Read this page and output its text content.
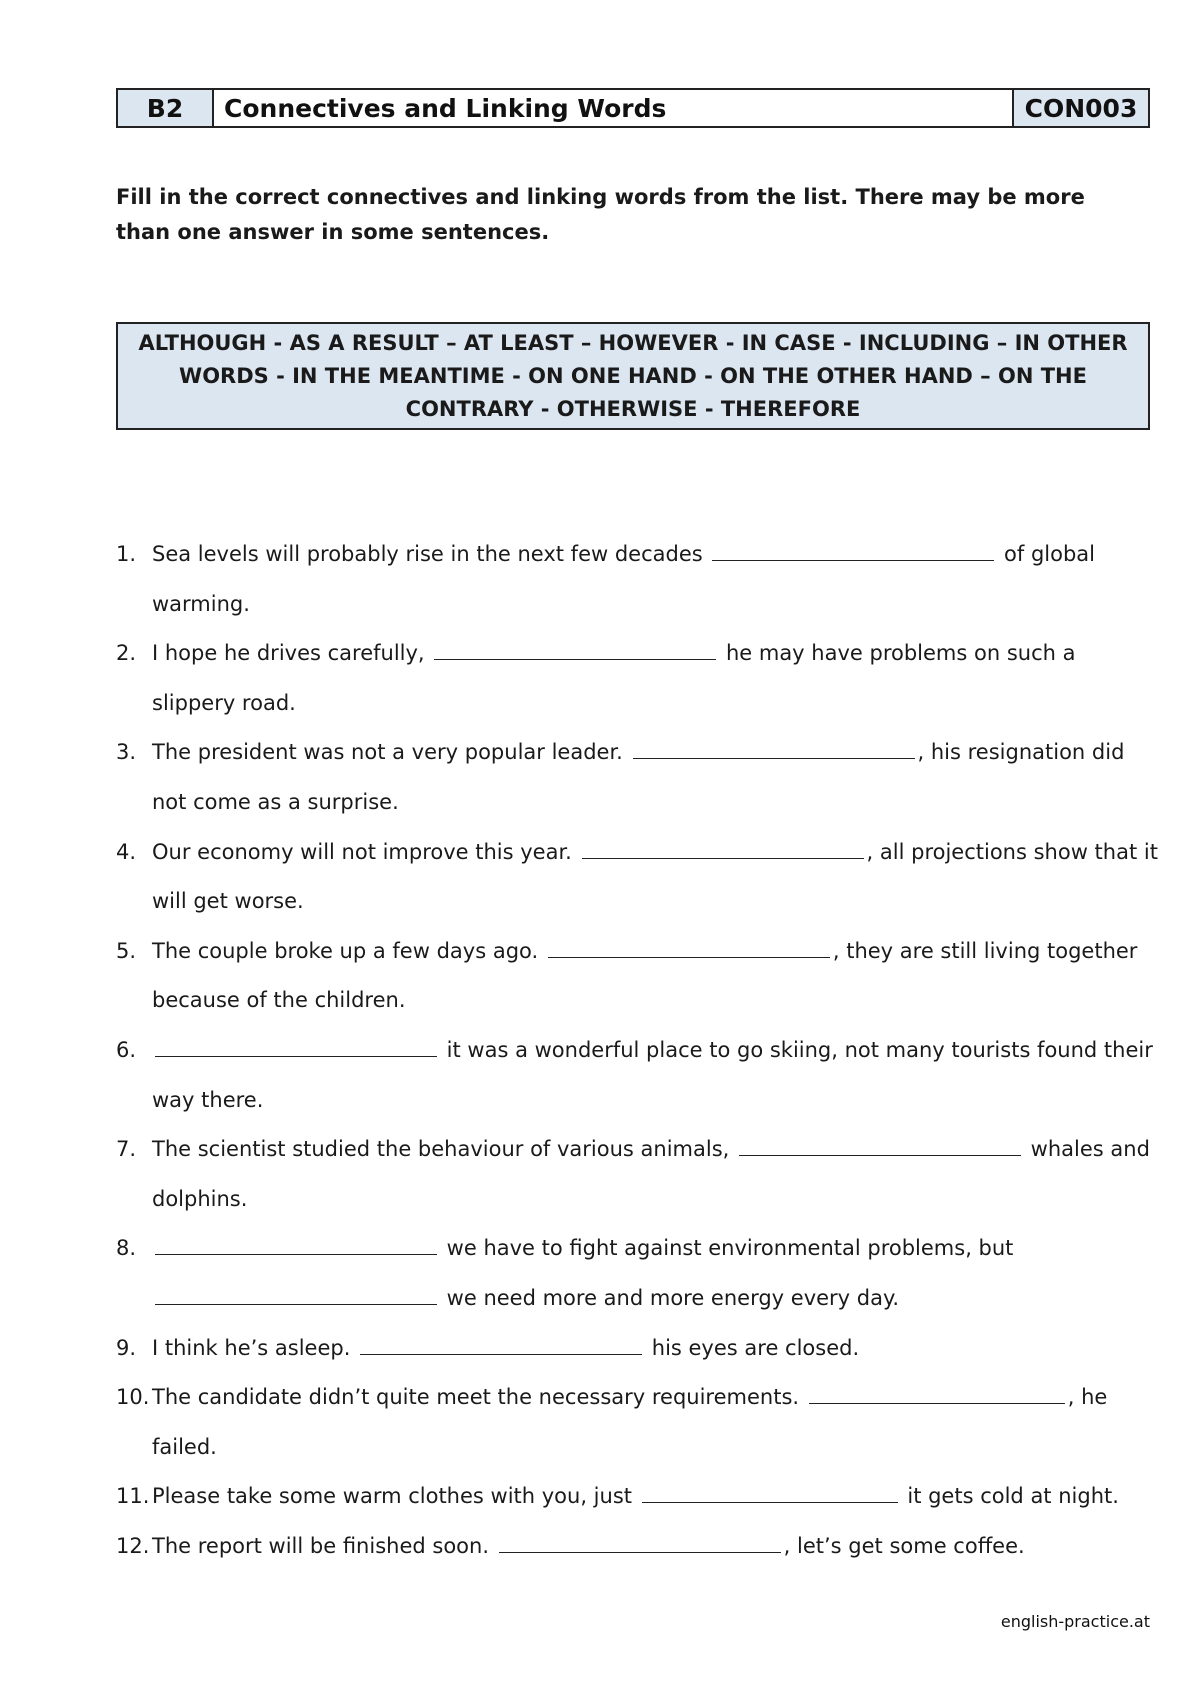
B2	Connectives and Linking Words	CON003
Fill in the correct connectives and linking words from the list. There may be more than one answer in some sentences.
ALTHOUGH - AS A RESULT – AT LEAST – HOWEVER - IN CASE - INCLUDING – IN OTHER WORDS - IN THE MEANTIME - ON ONE HAND - ON THE OTHER HAND – ON THE CONTRARY - OTHERWISE - THEREFORE
1. Sea levels will probably rise in the next few decades	of global warming.
2. I hope he drives carefully,	he may have problems on such a slippery road.
3. The president was not a very popular leader.	, his resignation did not come as a surprise.
4. Our economy will not improve this year.	, all projections show that it will get worse.
5. The couple broke up a few days ago.	, they are still living together because of the children.
6.	it was a wonderful place to go skiing, not many tourists found their way there.
7. The scientist studied the behaviour of various animals,	whales and dolphins.
8.	we have to fight against environmental problems, but
we need more and more energy every day.
9. I think he’s asleep.	his eyes are closed.
10. The candidate didn’t quite meet the necessary requirements.	, he failed.
11. Please take some warm clothes with you, just	it gets cold at night.
12. The report will be finished soon.	, let’s get some coffee.
english-practice.at
